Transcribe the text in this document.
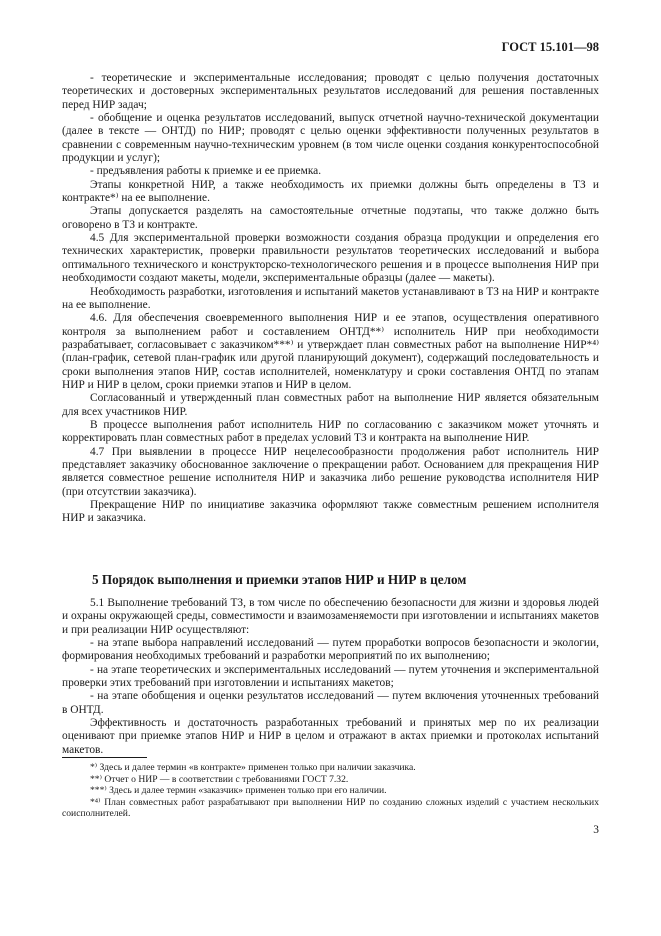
ГОСТ 15.101—98

- теоретические и экспериментальные исследования; проводят с целью получения достаточных теоретических и достоверных экспериментальных результатов исследований для решения поставленных перед НИР задач;

- обобщение и оценка результатов исследований, выпуск отчетной научно-технической документации (далее в тексте — ОНТД) по НИР; проводят с целью оценки эффективности полученных результатов в сравнении с современным научно-техническим уровнем (в том числе оценки создания конкурентоспособной продукции и услуг);

- предъявления работы к приемке и ее приемка.

Этапы конкретной НИР, а также необходимость их приемки должны быть определены в ТЗ и контракте*⁾ на ее выполнение.

Этапы допускается разделять на самостоятельные отчетные подэтапы, что также должно быть оговорено в ТЗ и контракте.

4.5 Для экспериментальной проверки возможности создания образца продукции и определения его технических характеристик, проверки правильности результатов теоретических исследований и выбора оптимального технического и конструкторско-технологического решения и в процессе выполнения НИР при необходимости создают макеты, модели, экспериментальные образцы (далее — макеты).

Необходимость разработки, изготовления и испытаний макетов устанавливают в ТЗ на НИР и контракте на ее выполнение.

4.6. Для обеспечения своевременного выполнения НИР и ее этапов, осуществления оперативного контроля за выполнением работ и составлением ОНТД**⁾ исполнитель НИР при необходимости разрабатывает, согласовывает с заказчиком***⁾ и утверждает план совместных работ на выполнение НИР*⁴⁾ (план-график, сетевой план-график или другой планирующий документ), содержащий последовательность и сроки выполнения этапов НИР, состав исполнителей, номенклатуру и сроки составления ОНТД по этапам НИР и НИР в целом, сроки приемки этапов и НИР в целом.

Согласованный и утвержденный план совместных работ на выполнение НИР является обязательным для всех участников НИР.

В процессе выполнения работ исполнитель НИР по согласованию с заказчиком может уточнять и корректировать план совместных работ в пределах условий ТЗ и контракта на выполнение НИР.

4.7 При выявлении в процессе НИР нецелесообразности продолжения работ исполнитель НИР представляет заказчику обоснованное заключение о прекращении работ. Основанием для прекращения НИР является совместное решение исполнителя НИР и заказчика либо решение руководства исполнителя НИР (при отсутствии заказчика).

Прекращение НИР по инициативе заказчика оформляют также совместным решением исполнителя НИР и заказчика.

5 Порядок выполнения и приемки этапов НИР и НИР в целом

5.1 Выполнение требований ТЗ, в том числе по обеспечению безопасности для жизни и здоровья людей и охраны окружающей среды, совместимости и взаимозаменяемости при изготовлении и испытаниях макетов и при реализации НИР осуществляют:

- на этапе выбора направлений исследований — путем проработки вопросов безопасности и экологии, формирования необходимых требований и разработки мероприятий по их выполнению;

- на этапе теоретических и экспериментальных исследований — путем уточнения и экспериментальной проверки этих требований при изготовлении и испытаниях макетов;

- на этапе обобщения и оценки результатов исследований — путем включения уточненных требований в ОНТД.

Эффективность и достаточность разработанных требований и принятых мер по их реализации оценивают при приемке этапов НИР и НИР в целом и отражают в актах приемки и протоколах испытаний макетов.

*⁾ Здесь и далее термин «в контракте» применен только при наличии заказчика.

**⁾ Отчет о НИР — в соответствии с требованиями ГОСТ 7.32.

***⁾ Здесь и далее термин «заказчик» применен только при его наличии.

*⁴⁾ План совместных работ разрабатывают при выполнении НИР по созданию сложных изделий с участием нескольких соисполнителей.

3
